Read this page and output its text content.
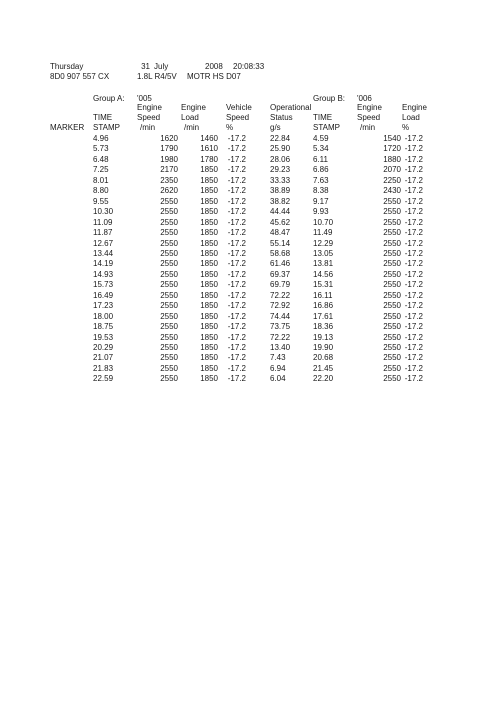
Thursday	31 July	2008 20:08:33
8D0 907 557 CX	1.8L R4/5V MOTR HS D07
Group A: '005	Group B: '006
Engine Engine	Vehicle Operational	Engine	Engine
TIME	Speed	Load	Speed	Status	TIME	Speed	Load
MARKER STAMP	/min	/min	%	g/s	STAMP	/min	%
4.96	1620	1460	-17.2	22.84	4.59	1540 -17.2
5.73	1790	1610	-17.2	25.90	5.34	1720 -17.2
6.48	1980	1780	-17.2	28.06	6.11	1880 -17.2
7.25	2170	1850	-17.2	29.23	6.86	2070 -17.2
8.01	2350	1850	-17.2	33.33	7.63	2250 -17.2
8.80	2620	1850	-17.2	38.89	8.38	2430 -17.2
9.55	2550	1850	-17.2	38.82	9.17	2550 -17.2
10.30	2550	1850	-17.2	44.44	9.93	2550 -17.2
11.09	2550	1850	-17.2	45.62	10.70	2550 -17.2
11.87	2550	1850	-17.2	48.47	11.49	2550 -17.2
12.67	2550	1850	-17.2	55.14	12.29	2550 -17.2
13.44	2550	1850	-17.2	58.68	13.05	2550 -17.2
14.19	2550	1850	-17.2	61.46	13.81	2550 -17.2
14.93	2550	1850	-17.2	69.37	14.56	2550 -17.2
15.73	2550	1850	-17.2	69.79	15.31	2550 -17.2
16.49	2550	1850	-17.2	72.22	16.11	2550 -17.2
17.23	2550	1850	-17.2	72.92	16.86	2550 -17.2
18.00	2550	1850	-17.2	74.44	17.61	2550 -17.2
18.75	2550	1850	-17.2	73.75	18.36	2550 -17.2
19.53	2550	1850	-17.2	72.22	19.13	2550 -17.2
20.29	2550	1850	-17.2	13.40	19.90	2550 -17.2
21.07	2550	1850	-17.2	7.43	20.68	2550 -17.2
21.83	2550	1850	-17.2	6.94	21.45	2550 -17.2
22.59	2550	1850	-17.2	6.04	22.20	2550 -17.2
